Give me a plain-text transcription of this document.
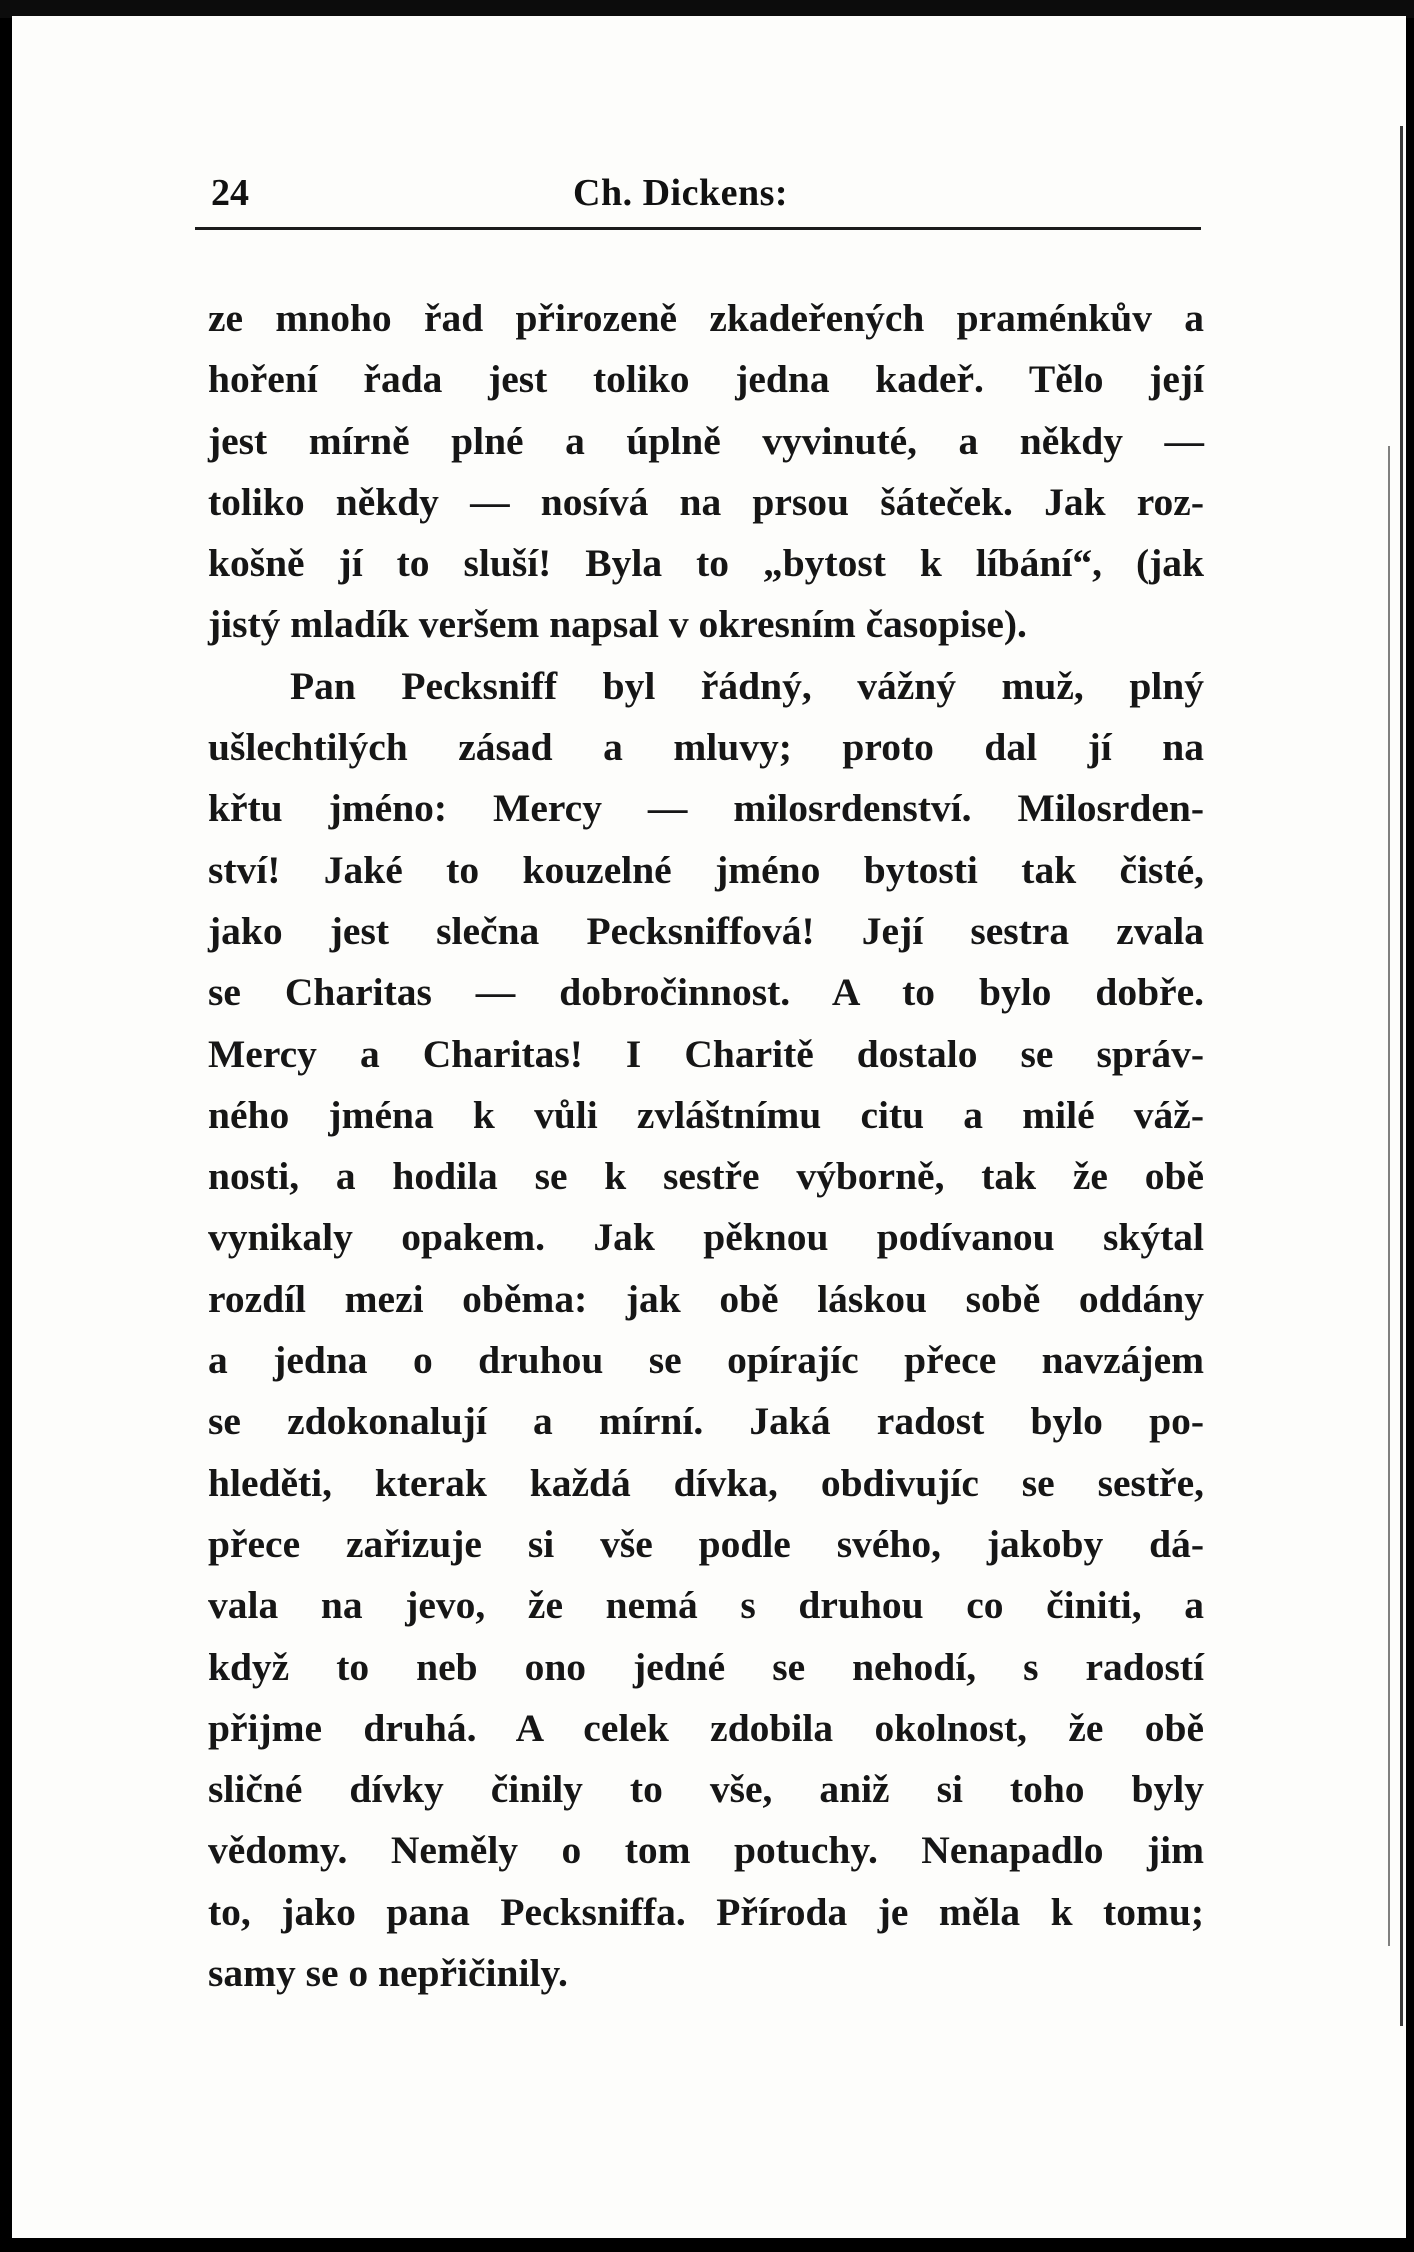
24	Ch. Dickens:
ze mnoho řad přirozeně zkadeřených praménkův a
hoření řada jest toliko jedna kadeř. Tělo její
jest mírně plné a úplně vyvinuté, a někdy —
toliko někdy — nosívá na prsou šáteček. Jak roz-
košně jí to sluší! Byla to „bytost k líbání“, (jak
jistý mladík veršem napsal v okresním časopise).
Pan Pecksniff byl řádný, vážný muž, plný
ušlechtilých zásad a mluvy; proto dal jí na
křtu jméno: Mercy — milosrdenství. Milosrden-
ství! Jaké to kouzelné jméno bytosti tak čisté,
jako jest slečna Pecksniffová! Její sestra zvala
se Charitas — dobročinnost. A to bylo dobře.
Mercy a Charitas! I Charitě dostalo se správ-
ného jména k vůli zvláštnímu citu a milé váž-
nosti, a hodila se k sestře výborně, tak že obě
vynikaly opakem. Jak pěknou podívanou skýtal
rozdíl mezi oběma: jak obě láskou sobě oddány
a jedna o druhou se opírajíc přece navzájem
se zdokonalují a mírní. Jaká radost bylo po-
hleděti, kterak každá dívka, obdivujíc se sestře,
přece zařizuje si vše podle svého, jakoby dá-
vala na jevo, že nemá s druhou co činiti, a
když to neb ono jedné se nehodí, s radostí
přijme druhá. A celek zdobila okolnost, že obě
sličné dívky činily to vše, aniž si toho byly
vědomy. Neměly o tom potuchy. Nenapadlo jim
to, jako pana Pecksniffa. Příroda je měla k tomu;
samy se o nepřičinily.
